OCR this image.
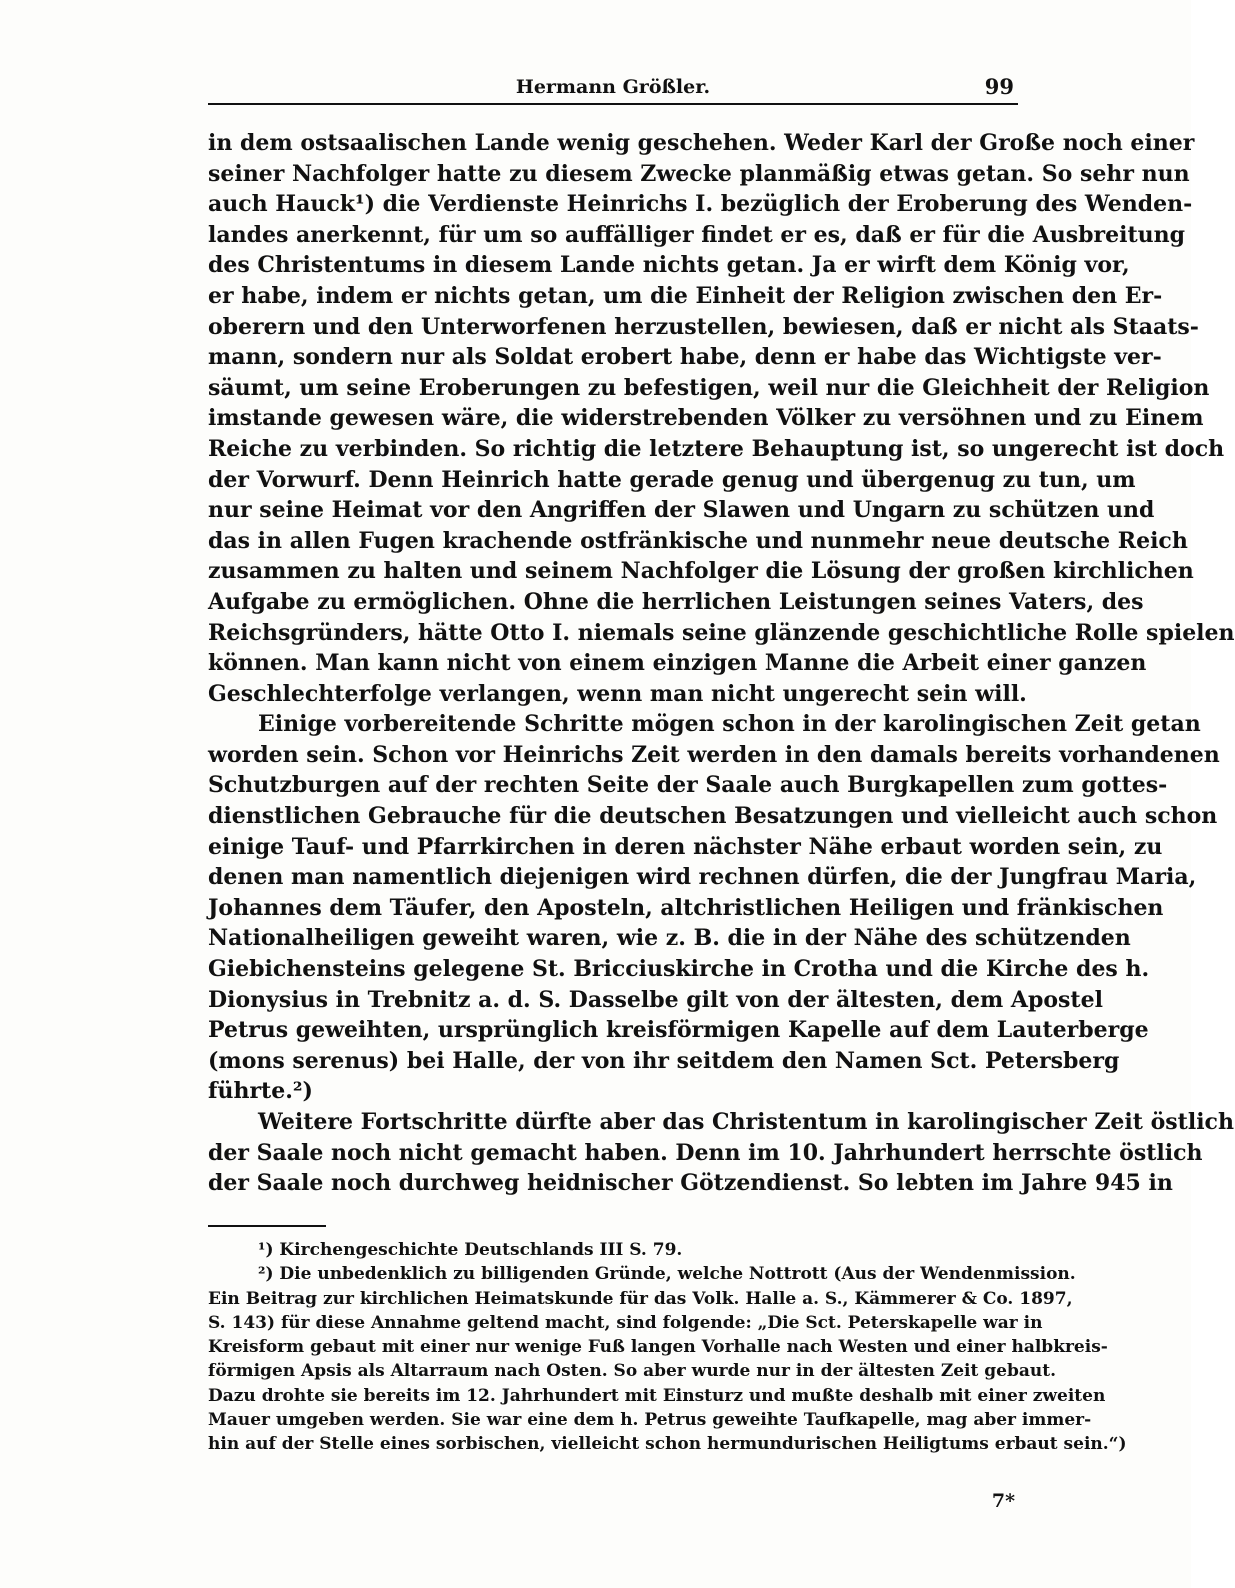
Hermann Größler.	99
in dem ostsaalischen Lande wenig geschehen. Weder Karl der Große noch einer
seiner Nachfolger hatte zu diesem Zwecke planmäßig etwas getan. So sehr nun
auch Hauck¹) die Verdienste Heinrichs I. bezüglich der Eroberung des Wenden-
landes anerkennt, für um so auffälliger findet er es, daß er für die Ausbreitung
des Christentums in diesem Lande nichts getan. Ja er wirft dem König vor,
er habe, indem er nichts getan, um die Einheit der Religion zwischen den Er-
oberern und den Unterworfenen herzustellen, bewiesen, daß er nicht als Staats-
mann, sondern nur als Soldat erobert habe, denn er habe das Wichtigste ver-
säumt, um seine Eroberungen zu befestigen, weil nur die Gleichheit der Religion
imstande gewesen wäre, die widerstrebenden Völker zu versöhnen und zu Einem
Reiche zu verbinden. So richtig die letztere Behauptung ist, so ungerecht ist doch
der Vorwurf. Denn Heinrich hatte gerade genug und übergenug zu tun, um
nur seine Heimat vor den Angriffen der Slawen und Ungarn zu schützen und
das in allen Fugen krachende ostfränkische und nunmehr neue deutsche Reich
zusammen zu halten und seinem Nachfolger die Lösung der großen kirchlichen
Aufgabe zu ermöglichen. Ohne die herrlichen Leistungen seines Vaters, des
Reichsgründers, hätte Otto I. niemals seine glänzende geschichtliche Rolle spielen
können. Man kann nicht von einem einzigen Manne die Arbeit einer ganzen
Geschlechterfolge verlangen, wenn man nicht ungerecht sein will.
Einige vorbereitende Schritte mögen schon in der karolingischen Zeit getan
worden sein. Schon vor Heinrichs Zeit werden in den damals bereits vorhandenen
Schutzburgen auf der rechten Seite der Saale auch Burgkapellen zum gottes-
dienstlichen Gebrauche für die deutschen Besatzungen und vielleicht auch schon
einige Tauf- und Pfarrkirchen in deren nächster Nähe erbaut worden sein, zu
denen man namentlich diejenigen wird rechnen dürfen, die der Jungfrau Maria,
Johannes dem Täufer, den Aposteln, altchristlichen Heiligen und fränkischen
Nationalheiligen geweiht waren, wie z. B. die in der Nähe des schützenden
Giebichensteins gelegene St. Bricciuskirche in Crotha und die Kirche des h.
Dionysius in Trebnitz a. d. S. Dasselbe gilt von der ältesten, dem Apostel
Petrus geweihten, ursprünglich kreisförmigen Kapelle auf dem Lauterberge
(mons serenus) bei Halle, der von ihr seitdem den Namen Sct. Petersberg
führte.²)
Weitere Fortschritte dürfte aber das Christentum in karolingischer Zeit östlich
der Saale noch nicht gemacht haben. Denn im 10. Jahrhundert herrschte östlich
der Saale noch durchweg heidnischer Götzendienst. So lebten im Jahre 945 in
¹) Kirchengeschichte Deutschlands III S. 79.
²) Die unbedenklich zu billigenden Gründe, welche Nottrott (Aus der Wendenmission.
Ein Beitrag zur kirchlichen Heimatskunde für das Volk. Halle a. S., Kämmerer & Co. 1897,
S. 143) für diese Annahme geltend macht, sind folgende: „Die Sct. Peterskapelle war in
Kreisform gebaut mit einer nur wenige Fuß langen Vorhalle nach Westen und einer halbkreis-
förmigen Apsis als Altarraum nach Osten. So aber wurde nur in der ältesten Zeit gebaut.
Dazu drohte sie bereits im 12. Jahrhundert mit Einsturz und mußte deshalb mit einer zweiten
Mauer umgeben werden. Sie war eine dem h. Petrus geweihte Taufkapelle, mag aber immer-
hin auf der Stelle eines sorbischen, vielleicht schon hermundurischen Heiligtums erbaut sein.“)
7*
